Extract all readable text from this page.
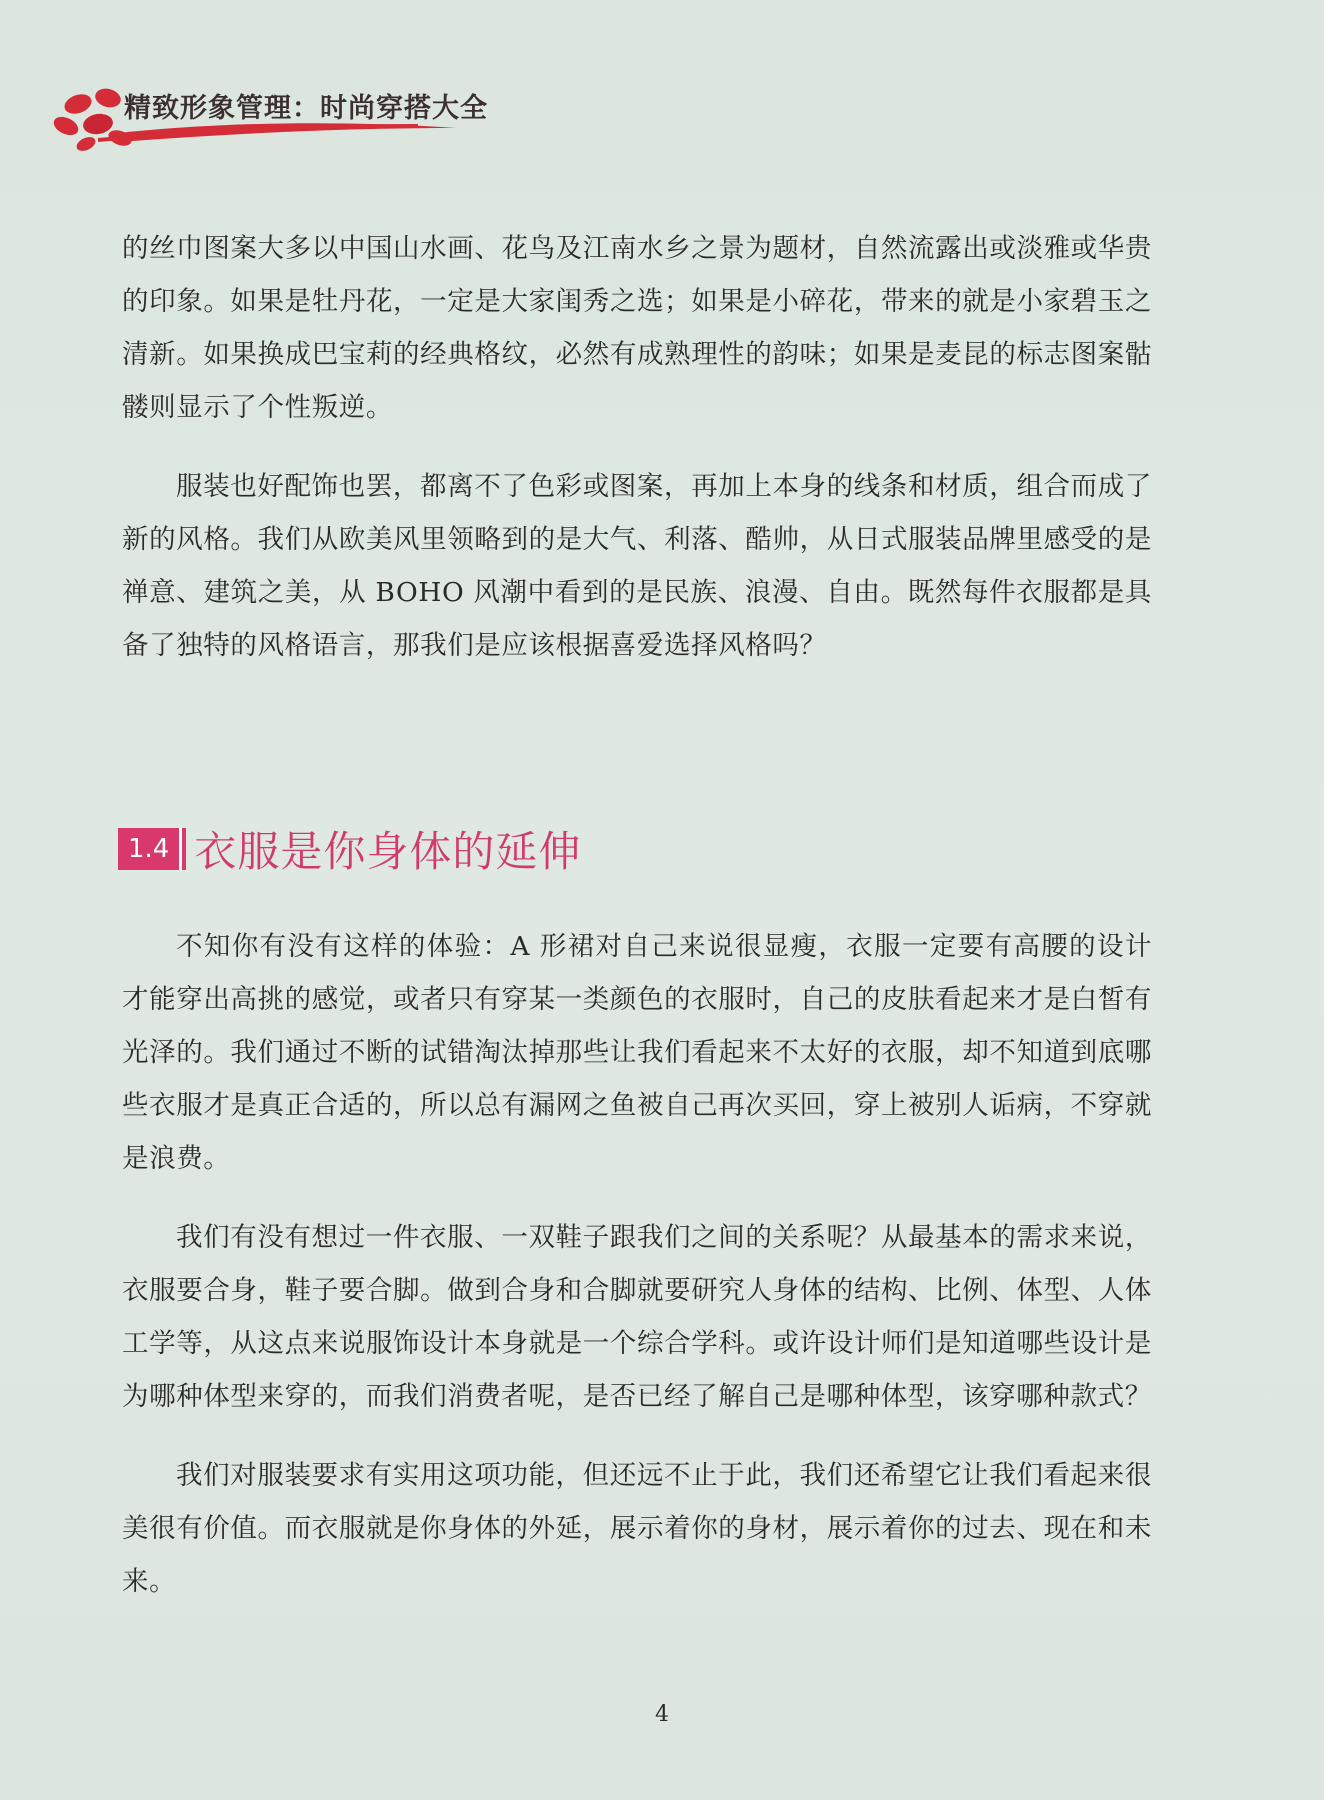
精致形象管理：时尚穿搭大全

的丝巾图案大多以中国山水画、花鸟及江南水乡之景为题材，自然流露出或淡雅或华贵的印象。如果是牡丹花，一定是大家闺秀之选；如果是小碎花，带来的就是小家碧玉之清新。如果换成巴宝莉的经典格纹，必然有成熟理性的韵味；如果是麦昆的标志图案骷髅则显示了个性叛逆。

服装也好配饰也罢，都离不了色彩或图案，再加上本身的线条和材质，组合而成了新的风格。我们从欧美风里领略到的是大气、利落、酷帅，从日式服装品牌里感受的是禅意、建筑之美，从 BOHO 风潮中看到的是民族、浪漫、自由。既然每件衣服都是具备了独特的风格语言，那我们是应该根据喜爱选择风格吗？

1.4 衣服是你身体的延伸

不知你有没有这样的体验：A 形裙对自己来说很显瘦，衣服一定要有高腰的设计才能穿出高挑的感觉，或者只有穿某一类颜色的衣服时，自己的皮肤看起来才是白皙有光泽的。我们通过不断的试错淘汰掉那些让我们看起来不太好的衣服，却不知道到底哪些衣服才是真正合适的，所以总有漏网之鱼被自己再次买回，穿上被别人诟病，不穿就是浪费。

我们有没有想过一件衣服、一双鞋子跟我们之间的关系呢？从最基本的需求来说，衣服要合身，鞋子要合脚。做到合身和合脚就要研究人身体的结构、比例、体型、人体工学等，从这点来说服饰设计本身就是一个综合学科。或许设计师们是知道哪些设计是为哪种体型来穿的，而我们消费者呢，是否已经了解自己是哪种体型，该穿哪种款式？

我们对服装要求有实用这项功能，但还远不止于此，我们还希望它让我们看起来很美很有价值。而衣服就是你身体的外延，展示着你的身材，展示着你的过去、现在和未来。

4
